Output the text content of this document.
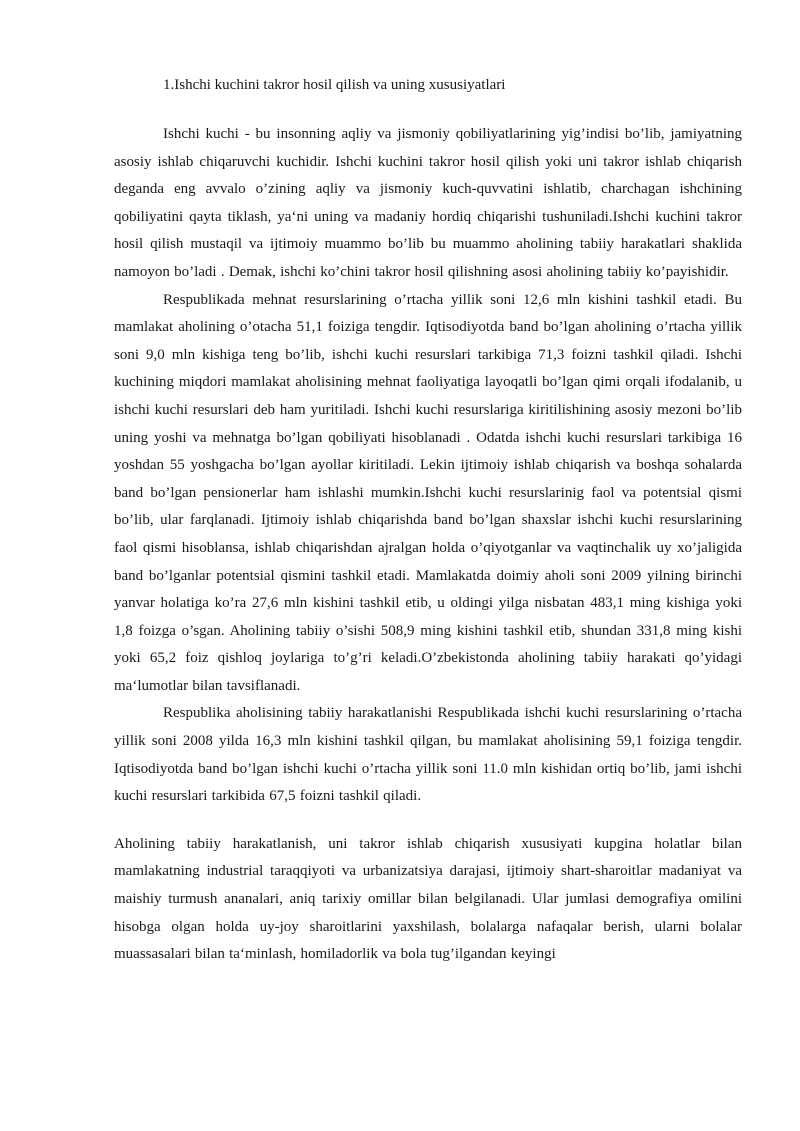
1.Ishchi kuchini takror hosil qilish va uning xususiyatlari

Ishchi kuchi - bu insonning aqliy va jismoniy qobiliyatlarining yig’indisi bo’lib, jamiyatning asosiy ishlab chiqaruvchi kuchidir. Ishchi kuchini takror hosil qilish yoki uni takror ishlab chiqarish deganda eng avvalo o’zining aqliy va jismoniy kuch-quvvatini ishlatib, charchagan ishchining qobiliyatini qayta tiklash, ya‘ni uning va madaniy hordiq chiqarishi tushuniladi.Ishchi kuchini takror hosil qilish mustaqil va ijtimoiy muammo bo’lib bu muammo aholining tabiiy harakatlari shaklida namoyon bo’ladi . Demak, ishchi ko’chini takror hosil qilishning asosi aholining tabiiy ko’payishidir.

Respublikada mehnat resurslarining o’rtacha yillik soni 12,6 mln kishini tashkil etadi. Bu mamlakat aholining o’otacha 51,1 foiziga tengdir. Iqtisodiyotda band bo’lgan aholining o’rtacha yillik soni 9,0 mln kishiga teng bo’lib, ishchi kuchi resurslari tarkibiga 71,3 foizni tashkil qiladi. Ishchi kuchining miqdori mamlakat aholisining mehnat faoliyatiga layoqatli bo’lgan qimi orqali ifodalanib, u ishchi kuchi resurslari deb ham yuritiladi. Ishchi kuchi resurslariga kiritilishining asosiy mezoni bo’lib uning yoshi va mehnatga bo’lgan qobiliyati hisoblanadi . Odatda ishchi kuchi resurslari tarkibiga 16 yoshdan 55 yoshgacha bo’lgan ayollar kiritiladi. Lekin ijtimoiy ishlab chiqarish va boshqa sohalarda band bo’lgan pensionerlar ham ishlashi mumkin.Ishchi kuchi resurslarinig faol va potentsial qismi bo’lib, ular farqlanadi. Ijtimoiy ishlab chiqarishda band bo’lgan shaxslar ishchi kuchi resurslarining faol qismi hisoblansa, ishlab chiqarishdan ajralgan holda o’qiyotganlar va vaqtinchalik uy xo’jaligida band bo’lganlar potentsial qismini tashkil etadi. Mamlakatda doimiy aholi soni 2009 yilning birinchi yanvar holatiga ko’ra 27,6 mln kishini tashkil etib, u oldingi yilga nisbatan 483,1 ming kishiga yoki 1,8 foizga o’sgan. Aholining tabiiy o’sishi 508,9 ming kishini tashkil etib, shundan 331,8 ming kishi yoki 65,2 foiz qishloq joylariga to’g’ri keladi.O’zbekistonda aholining tabiiy harakati qo’yidagi ma‘lumotlar bilan tavsiflanadi.

Respublika aholisining tabiiy harakatlanishi Respublikada ishchi kuchi resurslarining o’rtacha yillik soni 2008 yilda 16,3 mln kishini tashkil qilgan, bu mamlakat aholisining 59,1 foiziga tengdir. Iqtisodiyotda band bo’lgan ishchi kuchi o’rtacha yillik soni 11.0 mln kishidan ortiq bo’lib, jami ishchi kuchi resurslari tarkibida 67,5 foizni tashkil qiladi.

Aholining tabiiy harakatlanish, uni takror ishlab chiqarish xususiyati kupgina holatlar bilan mamlakatning industrial taraqqiyoti va urbanizatsiya darajasi, ijtimoiy shart-sharoitlar madaniyat va maishiy turmush ananalari, aniq tarixiy omillar bilan belgilanadi. Ular jumlasi demografiya omilini hisobga olgan holda uy-joy sharoitlarini yaxshilash, bolalarga nafaqalar berish, ularni bolalar muassasalari bilan ta‘minlash, homiladorlik va bola tug’ilgandan keyingi
